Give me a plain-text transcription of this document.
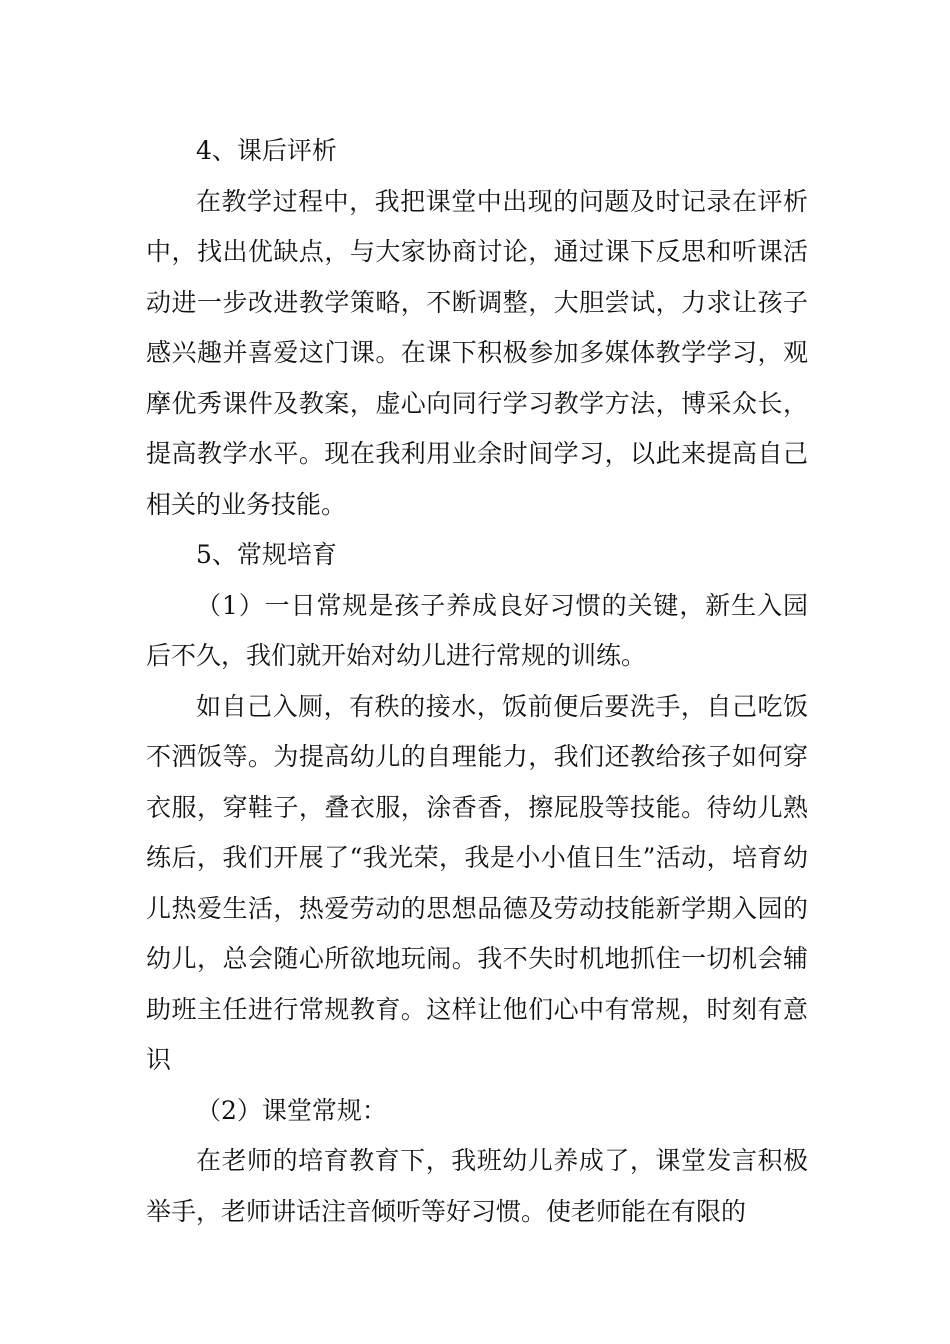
4、课后评析

在教学过程中，我把课堂中出现的问题及时记录在评析中，找出优缺点，与大家协商讨论，通过课下反思和听课活动进一步改进教学策略，不断调整，大胆尝试，力求让孩子感兴趣并喜爱这门课。在课下积极参加多媒体教学学习，观摩优秀课件及教案，虚心向同行学习教学方法，博采众长，提高教学水平。现在我利用业余时间学习，以此来提高自己相关的业务技能。

5、常规培育

（1）一日常规是孩子养成良好习惯的关键，新生入园后不久，我们就开始对幼儿进行常规的训练。

如自己入厕，有秩的接水，饭前便后要洗手，自己吃饭不洒饭等。为提高幼儿的自理能力，我们还教给孩子如何穿衣服，穿鞋子，叠衣服，涂香香，擦屁股等技能。待幼儿熟练后，我们开展了“我光荣，我是小小值日生”活动，培育幼儿热爱生活，热爱劳动的思想品德及劳动技能新学期入园的幼儿，总会随心所欲地玩闹。我不失时机地抓住一切机会辅助班主任进行常规教育。这样让他们心中有常规，时刻有意识

（2）课堂常规：

在老师的培育教育下，我班幼儿养成了，课堂发言积极举手，老师讲话注音倾听等好习惯。使老师能在有限的
